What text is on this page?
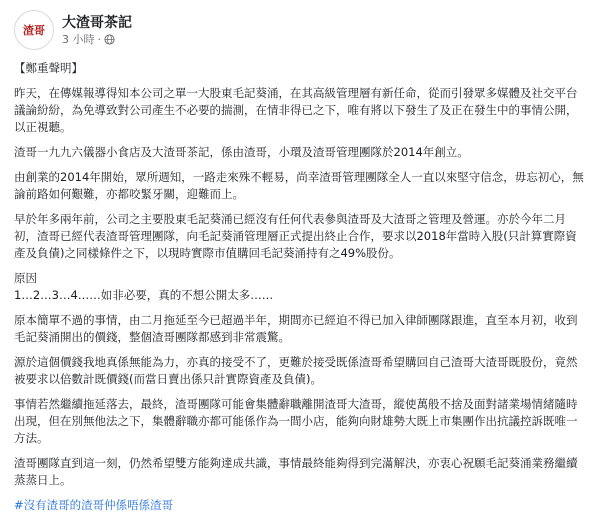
渣哥 大渣哥茶記
3 小時 ·

【鄭重聲明】

昨天，在傳媒報導得知本公司之單一大股東毛記葵涌，在其高級管理層有新任命，從而引發眾多媒體及社交平台議論紛紛，為免導致對公司產生不必要的揣測，在情非得已之下，唯有將以下發生了及正在發生中的事情公開，以正視聽。

渣哥一九九六儀器小食店及大渣哥茶記，係由渣哥，小環及渣哥管理團隊於2014年創立。

由創業的2014年開始，眾所週知，一路走來殊不輕易，尚幸渣哥管理團隊全人一直以來堅守信念，毋忘初心，無論前路如何艱難，亦都咬緊牙關，迎難而上。

早於年多兩年前，公司之主要股東毛記葵涌已經沒有任何代表參與渣哥及大渣哥之管理及營運。亦於今年二月初，渣哥已經代表渣哥管理團隊，向毛記葵涌管理層正式提出終止合作，要求以2018年當時入股(只計算實際資產及負債)之同樣條件之下，以現時實際市值購回毛記葵涌持有之49%股份。

原因
1…2…3…4……如非必要，真的不想公開太多……

原本簡單不過的事情，由二月拖延至今已超過半年，期間亦已經迫不得已加入律師團隊跟進，直至本月初，收到毛記葵涌開出的價錢，整個渣哥團隊都感到非常震驚。

源於這個價錢我地真係無能為力，亦真的接受不了，更難於接受既係渣哥希望購回自己渣哥大渣哥既股份，竟然被要求以倍數計既價錢(而當日賣出係只計實際資產及負債)。

事情若然繼續拖延落去，最終，渣哥團隊可能會集體辭職離開渣哥大渣哥，縱使萬般不捨及面對諸業場情緒隨時出現，但在別無他法之下，集體辭職亦都可能係作為一間小店，能夠向財雄勢大既上市集團作出抗議控訴既唯一方法。

渣哥團隊直到這一刻，仍然希望雙方能夠達成共識，事情最終能夠得到完滿解決，亦衷心祝願毛記葵涌業務繼續蒸蒸日上。

#沒有渣哥的渣哥仲係唔係渣哥
